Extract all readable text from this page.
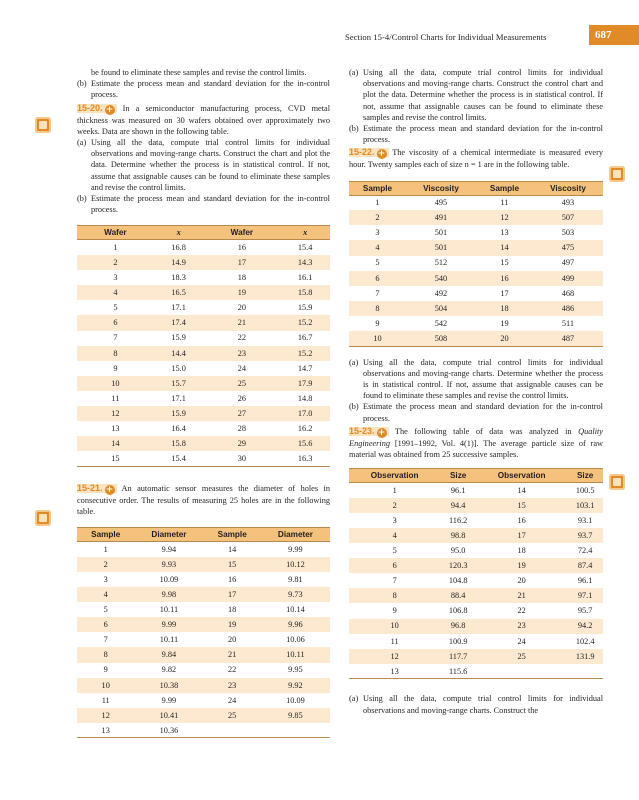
Section 15-4/Control Charts for Individual Measurements	687

be found to eliminate these samples and revise the control limits.

(b) Estimate the process mean and standard deviation for the in-control process.

15-20. + In a semiconductor manufacturing process, CVD metal thickness was measured on 30 wafers obtained over approximately two weeks. Data are shown in the following table.

(a) Using all the data, compute trial control limits for individual observations and moving-range charts. Construct the chart and plot the data. Determine whether the process is in statistical control. If not, assume that assignable causes can be found to eliminate these samples and revise the control limits.

(b) Estimate the process mean and standard deviation for the in-control process.

Wafer	x	Wafer	x
1	16.8	16	15.4
2	14.9	17	14.3
3	18.3	18	16.1
4	16.5	19	15.8
5	17.1	20	15.9
6	17.4	21	15.2
7	15.9	22	16.7
8	14.4	23	15.2
9	15.0	24	14.7
10	15.7	25	17.9
11	17.1	26	14.8
12	15.9	27	17.0
13	16.4	28	16.2
14	15.8	29	15.6
15	15.4	30	16.3

15-21. + An automatic sensor measures the diameter of holes in consecutive order. The results of measuring 25 holes are in the following table.

Sample	Diameter	Sample	Diameter
1	9.94	14	9.99
2	9.93	15	10.12
3	10.09	16	9.81
4	9.98	17	9.73
5	10.11	18	10.14
6	9.99	19	9.96
7	10.11	20	10.06
8	9.84	21	10.11
9	9.82	22	9.95
10	10.38	23	9.92
11	9.99	24	10.09
12	10.41	25	9.85
13	10.36		

(a) Using all the data, compute trial control limits for individual observations and moving-range charts. Construct the control chart and plot the data. Determine whether the process is in statistical control. If not, assume that assignable causes can be found to eliminate these samples and revise the control limits.

(b) Estimate the process mean and standard deviation for the in-control process.

15-22. + The viscosity of a chemical intermediate is measured every hour. Twenty samples each of size n = 1 are in the following table.

Sample	Viscosity	Sample	Viscosity
1	495	11	493
2	491	12	507
3	501	13	503
4	501	14	475
5	512	15	497
6	540	16	499
7	492	17	468
8	504	18	486
9	542	19	511
10	508	20	487

(a) Using all the data, compute trial control limits for individual observations and moving-range charts. Determine whether the process is in statistical control. If not, assume that assignable causes can be found to eliminate these samples and revise the control limits.

(b) Estimate the process mean and standard deviation for the in-control process.

15-23. + The following table of data was analyzed in Quality Engineering [1991–1992, Vol. 4(1)]. The average particle size of raw material was obtained from 25 successive samples.

Observation	Size	Observation	Size
1	96.1	14	100.5
2	94.4	15	103.1
3	116.2	16	93.1
4	98.8	17	93.7
5	95.0	18	72.4
6	120.3	19	87.4
7	104.8	20	96.1
8	88.4	21	97.1
9	106.8	22	95.7
10	96.8	23	94.2
11	100.9	24	102.4
12	117.7	25	131.9
13	115.6		

(a) Using all the data, compute trial control limits for individual observations and moving-range charts. Construct the
